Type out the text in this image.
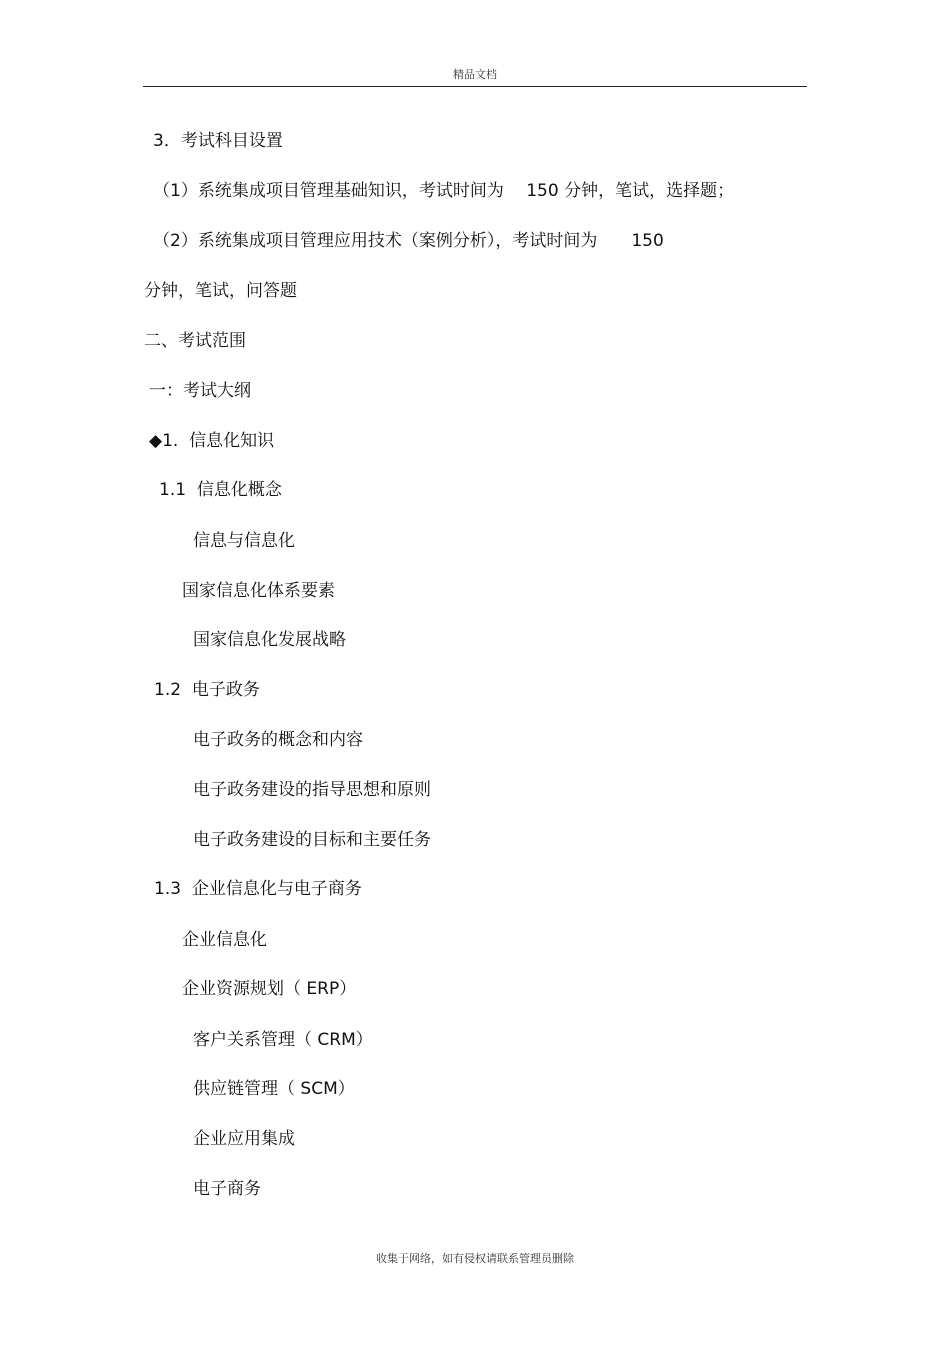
精品文档
3．考试科目设置
（1）系统集成项目管理基础知识，考试时间为　 150 分钟，笔试，选择题；
（2）系统集成项目管理应用技术（案例分析），考试时间为　　150
分钟，笔试，问答题
二、考试范围
一：考试大纲
◆1.  信息化知识
1.1  信息化概念
信息与信息化
国家信息化体系要素
国家信息化发展战略
1.2  电子政务
电子政务的概念和内容
电子政务建设的指导思想和原则
电子政务建设的目标和主要任务
1.3  企业信息化与电子商务
企业信息化
企业资源规划（ ERP）
客户关系管理（ CRM）
供应链管理（ SCM）
企业应用集成
电子商务
收集于网络，如有侵权请联系管理员删除
